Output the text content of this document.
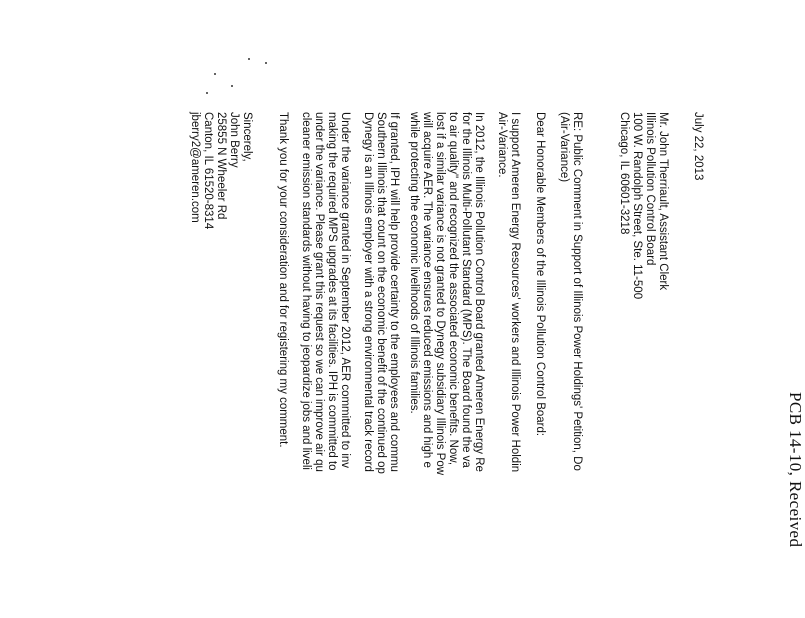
PCB 14-10, Received
July 22, 2013
Mr. John Therriault, Assistant Clerk
Illinois Pollution Control Board
100 W. Randolph Street, Ste. 11-500
Chicago, IL 60601-3218
RE: Public Comment in Support of Illinois Power Holdings' Petition, Do
(Air-Variance)
Dear Honorable Members of the Illinois Pollution Control Board:
I support Ameren Energy Resources' workers and Illinois Power Holdin
Air-Variance.
In 2012, the Illinois Pollution Control Board granted Ameren Energy Re
for the Illinois Multi-Pollutant Standard (MPS). The Board found the va
to air quality" and recognized the associated economic benefits. Now,
lost if a similar variance is not granted to Dynegy subsidiary Illinois Pow
will acquire AER. The variance ensures reduced emissions and high e
while protecting the economic livelihoods of Illinois families.
If granted, IPH will help provide certainty to the employees and commu
Southern Illinois that count on the economic benefit of the continued op
Dynegy is an Illinois employer with a strong environmental track record
Under the variance granted in September 2012, AER committed to inv
making the required MPS upgrades at its facilities. IPH is committed to
under the variance. Please grant this request so we can improve air qu
cleaner emission standards without having to jeopardize jobs and liveli
Thank you for your consideration and for registering my comment.
Sincerely,
John Berry
25855 N Wheeler Rd
Canton, IL 61520-8314
jberry2@ameren.com
